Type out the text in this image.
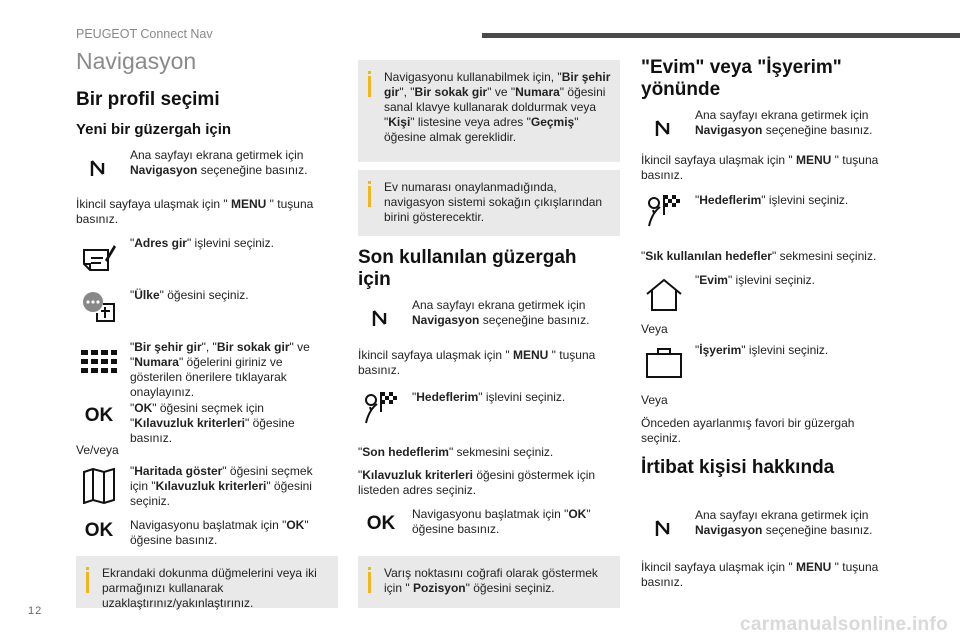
PEUGEOT Connect Nav
Navigasyon
Bir profil seçimi
Yeni bir güzergah için
Ana sayfayı ekrana getirmek için Navigasyon seçeneğine basınız.
İkincil sayfaya ulaşmak için " MENU " tuşuna basınız.
"Adres gir" işlevini seçiniz.
"Ülke" öğesini seçiniz.
"Bir şehir gir", "Bir sokak gir" ve "Numara" öğelerini giriniz ve gösterilen önerilere tıklayarak onaylayınız.
OK	"OK" öğesini seçmek için "Kılavuzluk kriterleri" öğesine basınız.
Ve/veya
"Haritada göster" öğesini seçmek için "Kılavuzluk kriterleri" öğesini seçiniz.
OK	Navigasyonu başlatmak için "OK" öğesine basınız.
Ekrandaki dokunma düğmelerini veya iki parmağınızı kullanarak uzaklaştırınız/yakınlaştırınız.
Navigasyonu kullanabilmek için, "Bir şehir gir", "Bir sokak gir" ve "Numara" öğesini sanal klavye kullanarak doldurmak veya "Kişi" listesine veya adres "Geçmiş" öğesine almak gereklidir.
Ev numarası onaylanmadığında, navigasyon sistemi sokağın çıkışlarından birini gösterecektir.
Son kullanılan güzergah için
Ana sayfayı ekrana getirmek için Navigasyon seçeneğine basınız.
İkincil sayfaya ulaşmak için " MENU " tuşuna basınız.
"Hedeflerim" işlevini seçiniz.
"Son hedeflerim" sekmesini seçiniz.
"Kılavuzluk kriterleri öğesini göstermek için listeden adres seçiniz.
OK	Navigasyonu başlatmak için "OK" öğesine basınız.
Varış noktasını coğrafi olarak göstermek için " Pozisyon" öğesini seçiniz.
"Evim" veya "İşyerim" yönünde
Ana sayfayı ekrana getirmek için Navigasyon seçeneğine basınız.
İkincil sayfaya ulaşmak için " MENU " tuşuna basınız.
"Hedeflerim" işlevini seçiniz.
"Sık kullanılan hedefler" sekmesini seçiniz.
"Evim" işlevini seçiniz.
Veya
"İşyerim" işlevini seçiniz.
Veya
Önceden ayarlanmış favori bir güzergah seçiniz.
İrtibat kişisi hakkında
Ana sayfayı ekrana getirmek için Navigasyon seçeneğine basınız.
İkincil sayfaya ulaşmak için " MENU " tuşuna basınız.
12
carmanualsonline.info
